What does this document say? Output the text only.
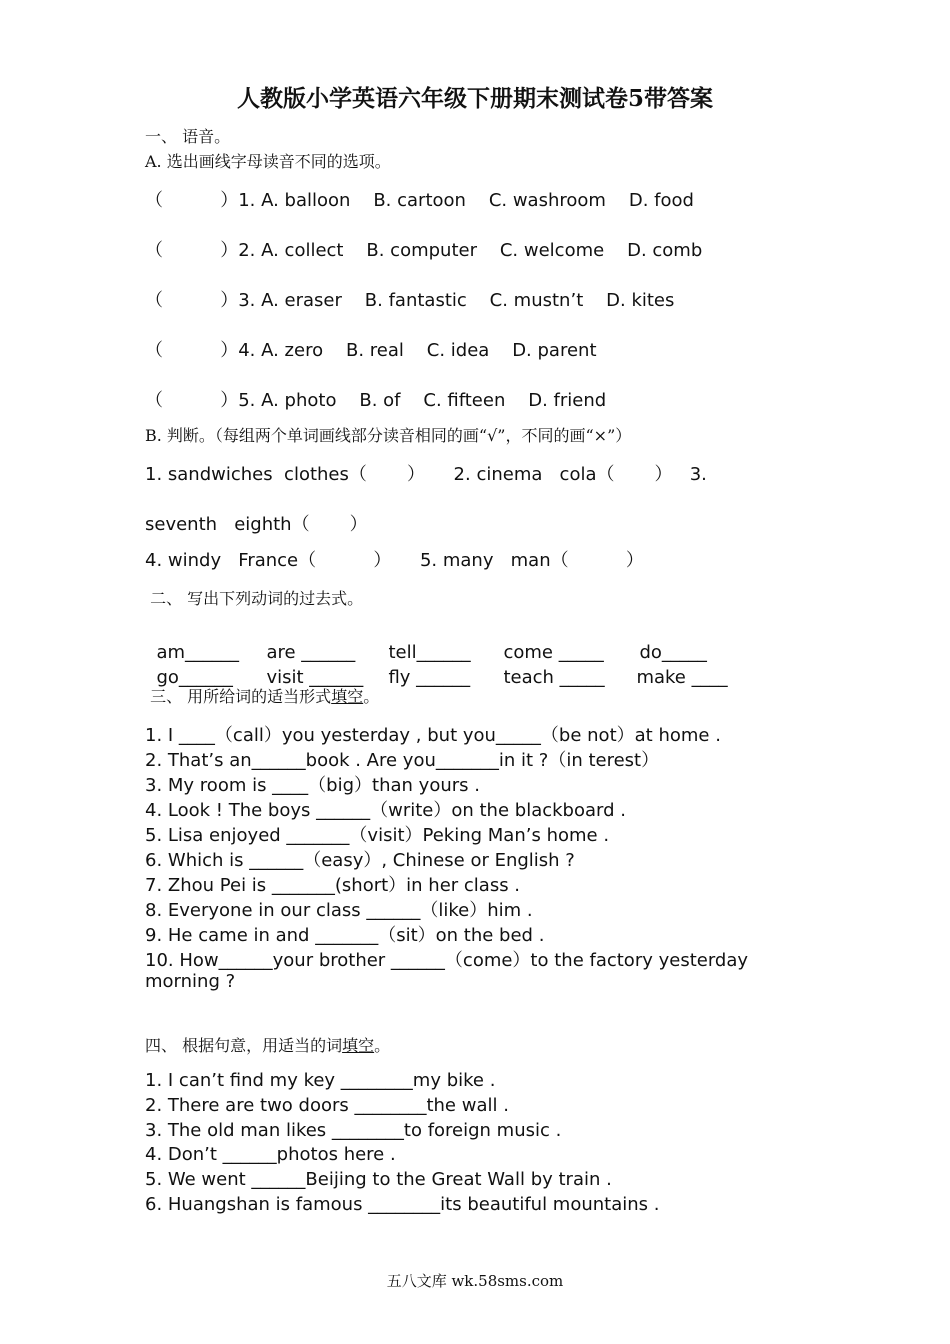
人教版小学英语六年级下册期末测试卷5带答案
一、 语音。
A. 选出画线字母读音不同的选项。
（          ）1. A. balloon    B. cartoon    C. washroom    D. food
（          ）2. A. collect    B. computer    C. welcome    D. comb
（          ）3. A. eraser    B. fantastic    C. mustn’t    D. kites
（          ）4. A. zero    B. real    C. idea    D. parent
（          ）5. A. photo    B. of    C. fifteen    D. friend
B. 判断。（每组两个单词画线部分读音相同的画“√”，不同的画“×”）
1. sandwiches  clothes（       ）     2. cinema   cola（       ）   3.
seventh   eighth（       ）
4. windy   France（          ）     5. many   man（          ）
二、 写出下列动词的过去式。

am______ are ______ tell______ come _____ do_____

go______ visit ______ fly ______ teach _____ make ____

三、 用所给词的适当形式填空。
1. I ____（call）you yesterday , but you_____（be not）at home .
2. That’s an______book . Are you_______in it ?（in terest）
3. My room is ____（big）than yours .
4. Look ! The boys ______（write）on the blackboard .
5. Lisa enjoyed _______（visit）Peking Man’s home .
6. Which is ______（easy）, Chinese or English ?
7. Zhou Pei is _______(short）in her class .
8. Everyone in our class ______（like）him .
9. He came in and _______（sit）on the bed .
10. How______your brother ______（come）to the factory yesterday
morning ?
四、 根据句意，用适当的词填空。
1. I can’t find my key ________my bike .
2. There are two doors ________the wall .
3. The old man likes ________to foreign music .
4. Don’t ______photos here .
5. We went ______Beijing to the Great Wall by train .
6. Huangshan is famous ________its beautiful mountains .
五八文库 wk.58sms.com
